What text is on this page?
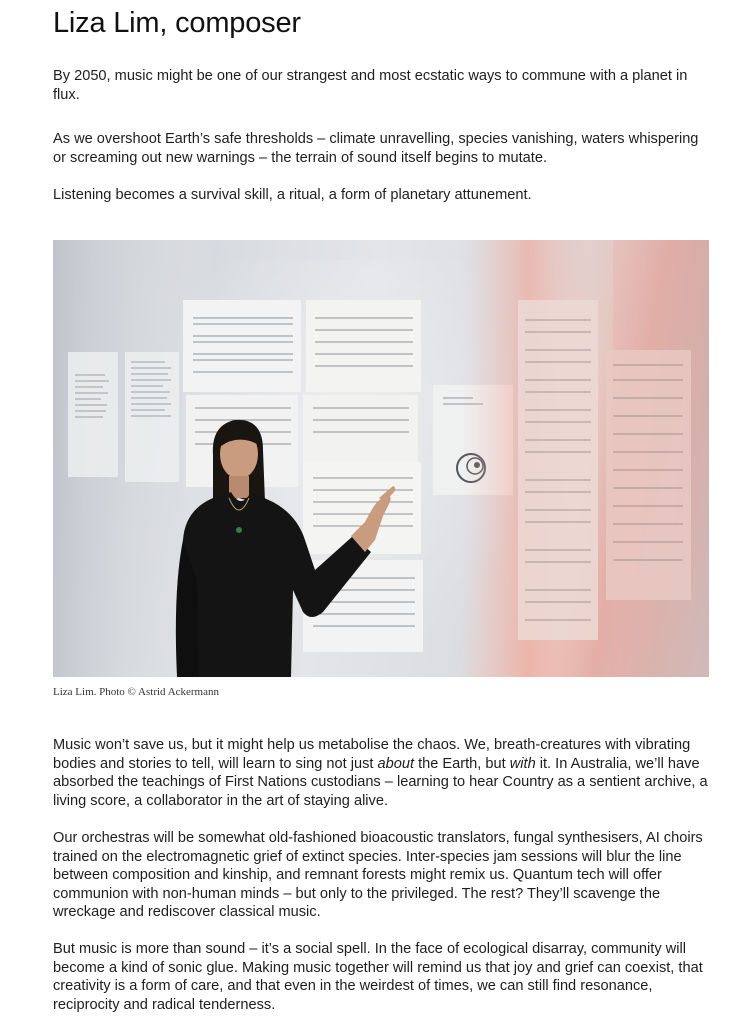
Liza Lim, composer

By 2050, music might be one of our strangest and most ecstatic ways to commune with a planet in flux.

As we overshoot Earth’s safe thresholds – climate unravelling, species vanishing, waters whispering or screaming out new warnings – the terrain of sound itself begins to mutate.

Listening becomes a survival skill, a ritual, a form of planetary attunement.

Liza Lim. Photo © Astrid Ackermann

Music won’t save us, but it might help us metabolise the chaos. We, breath-creatures with vibrating bodies and stories to tell, will learn to sing not just about the Earth, but with it. In Australia, we’ll have absorbed the teachings of First Nations custodians – learning to hear Country as a sentient archive, a living score, a collaborator in the art of staying alive.

Our orchestras will be somewhat old-fashioned bioacoustic translators, fungal synthesisers, AI choirs trained on the electromagnetic grief of extinct species. Inter-species jam sessions will blur the line between composition and kinship, and remnant forests might remix us. Quantum tech will offer communion with non-human minds – but only to the privileged. The rest? They’ll scavenge the wreckage and rediscover classical music.

But music is more than sound – it’s a social spell. In the face of ecological disarray, community will become a kind of sonic glue. Making music together will remind us that joy and grief can coexist, that creativity is a form of care, and that even in the weirdest of times, we can still find resonance, reciprocity and radical tenderness.
